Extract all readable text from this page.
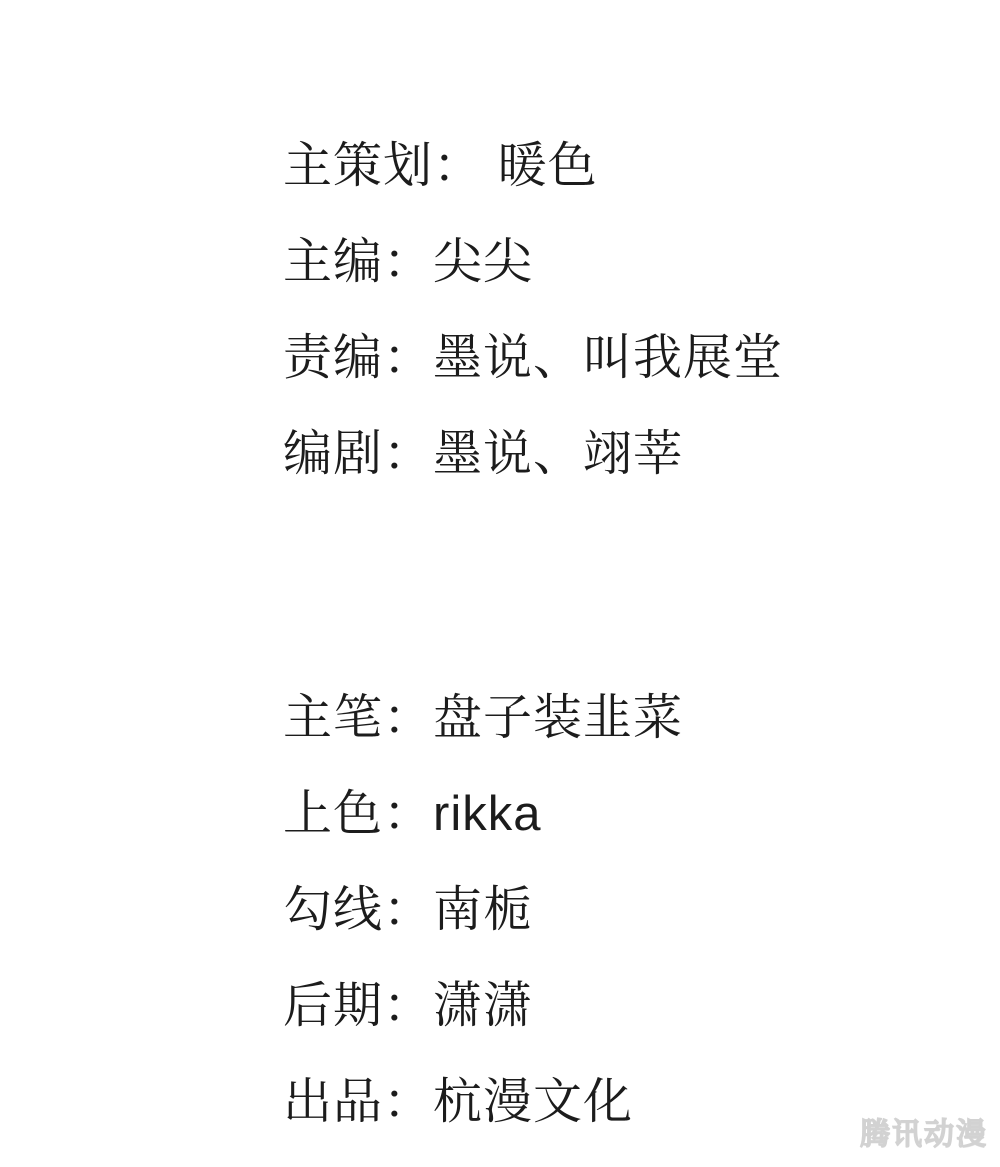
主策划： 暖色
主编：尖尖
责编：墨说、叫我展堂
编剧：墨说、翊莘
主笔：盘子装韭菜
上色：rikka
勾线：南栀
后期：潇潇
出品：杭漫文化
腾讯动漫
